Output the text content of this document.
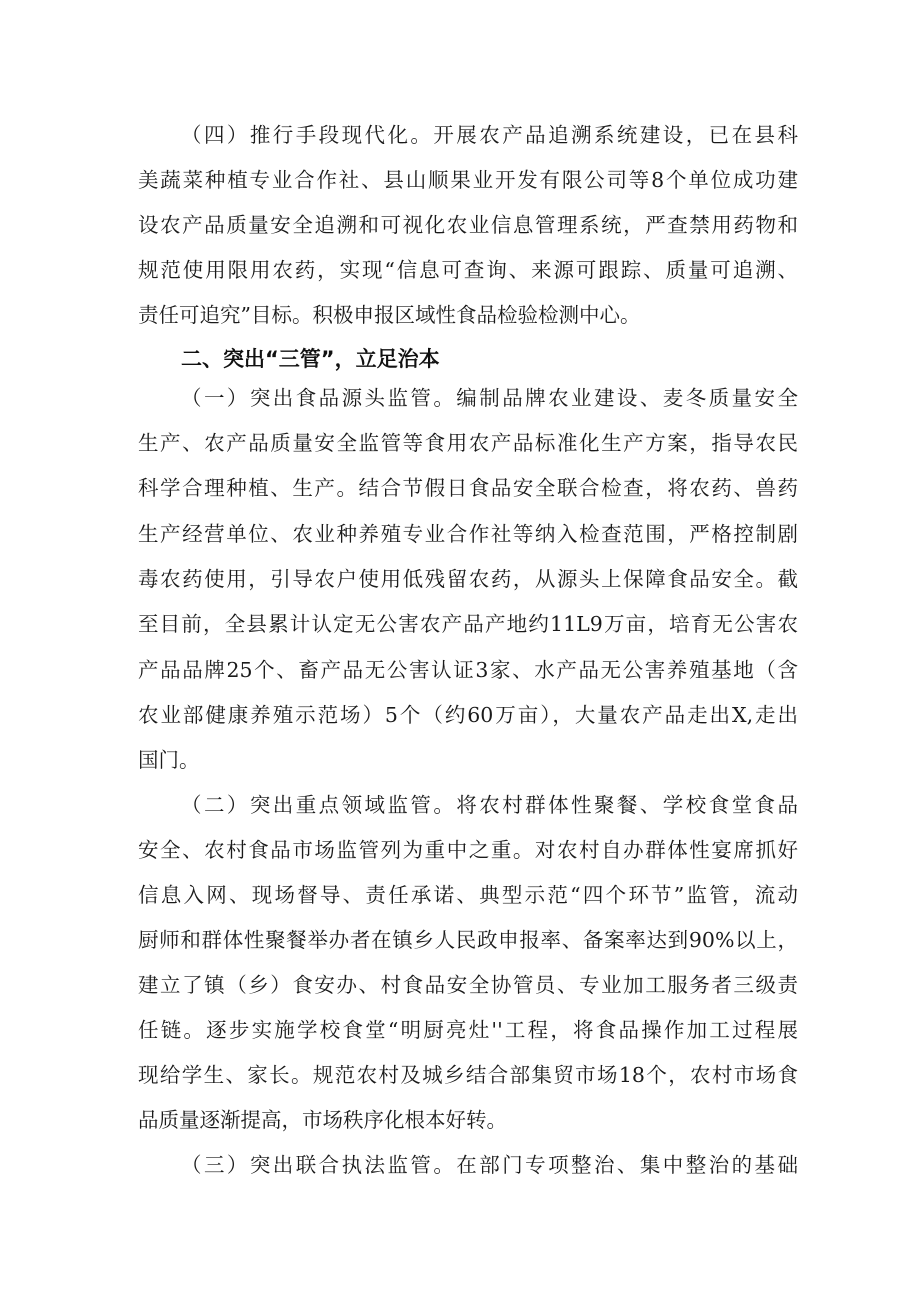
（四）推行手段现代化。开展农产品追溯系统建设，已在县科
美蔬菜种植专业合作社、县山顺果业开发有限公司等8个单位成功建
设农产品质量安全追溯和可视化农业信息管理系统，严查禁用药物和
规范使用限用农药，实现“信息可查询、来源可跟踪、质量可追溯、
责任可追究”目标。积极申报区域性食品检验检测中心。
二、突出“三管”，立足治本
（一）突出食品源头监管。编制品牌农业建设、麦冬质量安全
生产、农产品质量安全监管等食用农产品标准化生产方案，指导农民
科学合理种植、生产。结合节假日食品安全联合检查，将农药、兽药
生产经营单位、农业种养殖专业合作社等纳入检查范围，严格控制剧
毒农药使用，引导农户使用低残留农药，从源头上保障食品安全。截
至目前，全县累计认定无公害农产品产地约11L9万亩，培育无公害农
产品品牌25个、畜产品无公害认证3家、水产品无公害养殖基地（含
农业部健康养殖示范场）5个（约60万亩），大量农产品走出X,走出
国门。
（二）突出重点领域监管。将农村群体性聚餐、学校食堂食品
安全、农村食品市场监管列为重中之重。对农村自办群体性宴席抓好
信息入网、现场督导、责任承诺、典型示范“四个环节”监管，流动
厨师和群体性聚餐举办者在镇乡人民政申报率、备案率达到90%以上，
建立了镇（乡）食安办、村食品安全协管员、专业加工服务者三级责
任链。逐步实施学校食堂“明厨亮灶''工程，将食品操作加工过程展
现给学生、家长。规范农村及城乡结合部集贸市场18个，农村市场食
品质量逐渐提高，市场秩序化根本好转。
（三）突出联合执法监管。在部门专项整治、集中整治的基础
